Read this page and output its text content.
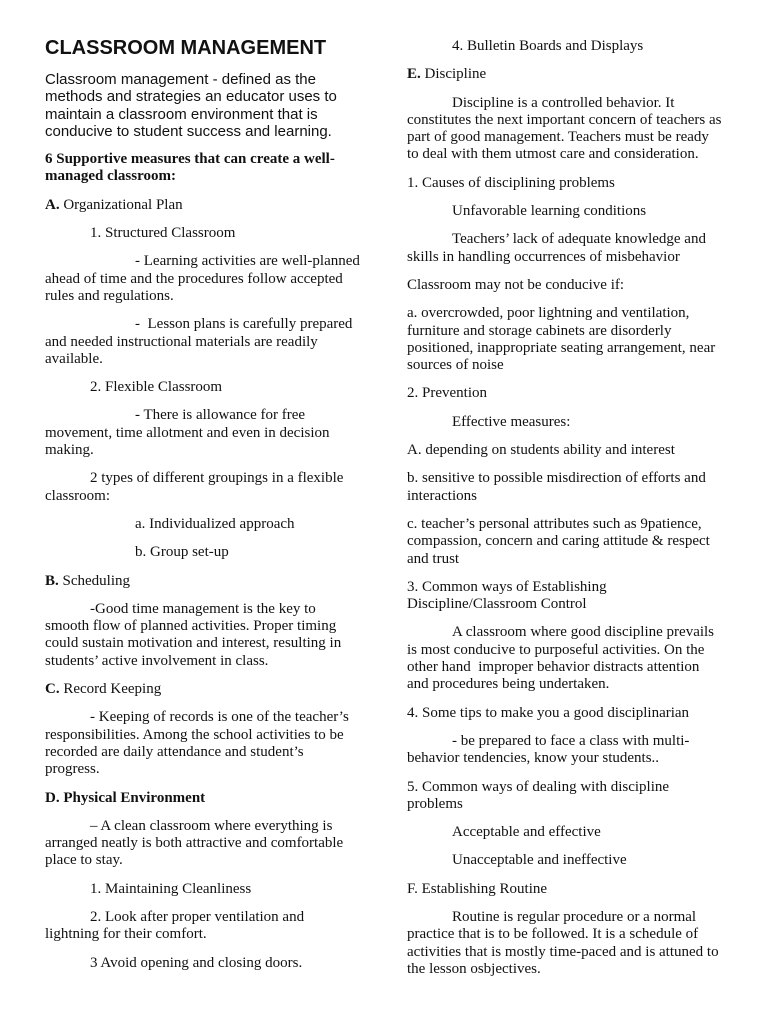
CLASSROOM MANAGEMENT

Classroom management - defined as the
methods and strategies an educator uses to
maintain a classroom environment that is
conducive to student success and learning.

6 Supportive measures that can create a well-
managed classroom:

A. Organizational Plan

1. Structured Classroom

- Learning activities are well-planned
ahead of time and the procedures follow accepted
rules and regulations.

-  Lesson plans is carefully prepared
and needed instructional materials are readily
available.

2. Flexible Classroom

- There is allowance for free
movement, time allotment and even in decision
making.

2 types of different groupings in a flexible
classroom:

a. Individualized approach

b. Group set-up

B. Scheduling

-Good time management is the key to
smooth flow of planned activities. Proper timing
could sustain motivation and interest, resulting in
students’ active involvement in class.

C. Record Keeping

- Keeping of records is one of the teacher’s
responsibilities. Among the school activities to be
recorded are daily attendance and student’s
progress.

D. Physical Environment

– A clean classroom where everything is
arranged neatly is both attractive and comfortable
place to stay.

1. Maintaining Cleanliness

2. Look after proper ventilation and
lightning for their comfort.

3 Avoid opening and closing doors.

4. Bulletin Boards and Displays

E. Discipline

Discipline is a controlled behavior. It
constitutes the next important concern of teachers as
part of good management. Teachers must be ready
to deal with them utmost care and consideration.

1. Causes of disciplining problems

Unfavorable learning conditions

Teachers’ lack of adequate knowledge and
skills in handling occurrences of misbehavior

Classroom may not be conducive if:

a. overcrowded, poor lightning and ventilation,
furniture and storage cabinets are disorderly
positioned, inappropriate seating arrangement, near
sources of noise

2. Prevention

Effective measures:

A. depending on students ability and interest

b. sensitive to possible misdirection of efforts and
interactions

c. teacher’s personal attributes such as 9patience,
compassion, concern and caring attitude & respect
and trust

3. Common ways of Establishing
Discipline/Classroom Control

A classroom where good discipline prevails
is most conducive to purposeful activities. On the
other hand  improper behavior distracts attention
and procedures being undertaken.

4. Some tips to make you a good disciplinarian

- be prepared to face a class with multi-
behavior tendencies, know your students..

5. Common ways of dealing with discipline
problems

Acceptable and effective

Unacceptable and ineffective

F. Establishing Routine

Routine is regular procedure or a normal
practice that is to be followed. It is a schedule of
activities that is mostly time-paced and is attuned to
the lesson osbjectives.
